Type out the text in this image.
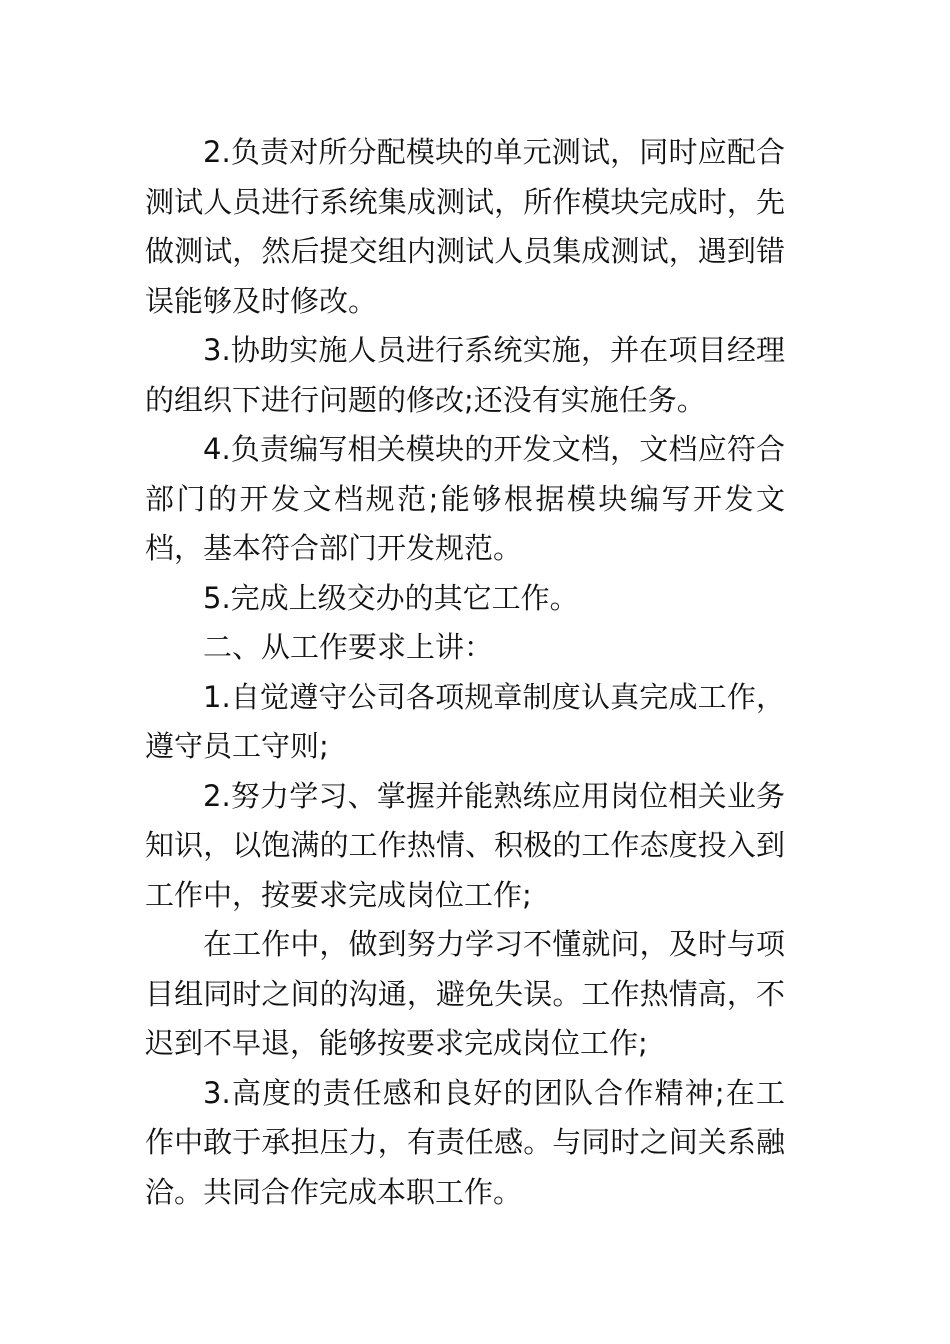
2.负责对所分配模块的单元测试，同时应配合测试人员进行系统集成测试，所作模块完成时，先做测试，然后提交组内测试人员集成测试，遇到错误能够及时修改。

3.协助实施人员进行系统实施，并在项目经理的组织下进行问题的修改;还没有实施任务。

4.负责编写相关模块的开发文档，文档应符合部门的开发文档规范;能够根据模块编写开发文档，基本符合部门开发规范。

5.完成上级交办的其它工作。

二、从工作要求上讲：

1.自觉遵守公司各项规章制度认真完成工作，遵守员工守则;

2.努力学习、掌握并能熟练应用岗位相关业务知识，以饱满的工作热情、积极的工作态度投入到工作中，按要求完成岗位工作;

在工作中，做到努力学习不懂就问，及时与项目组同时之间的沟通，避免失误。工作热情高，不迟到不早退，能够按要求完成岗位工作;

3.高度的责任感和良好的团队合作精神;在工作中敢于承担压力，有责任感。与同时之间关系融洽。共同合作完成本职工作。
